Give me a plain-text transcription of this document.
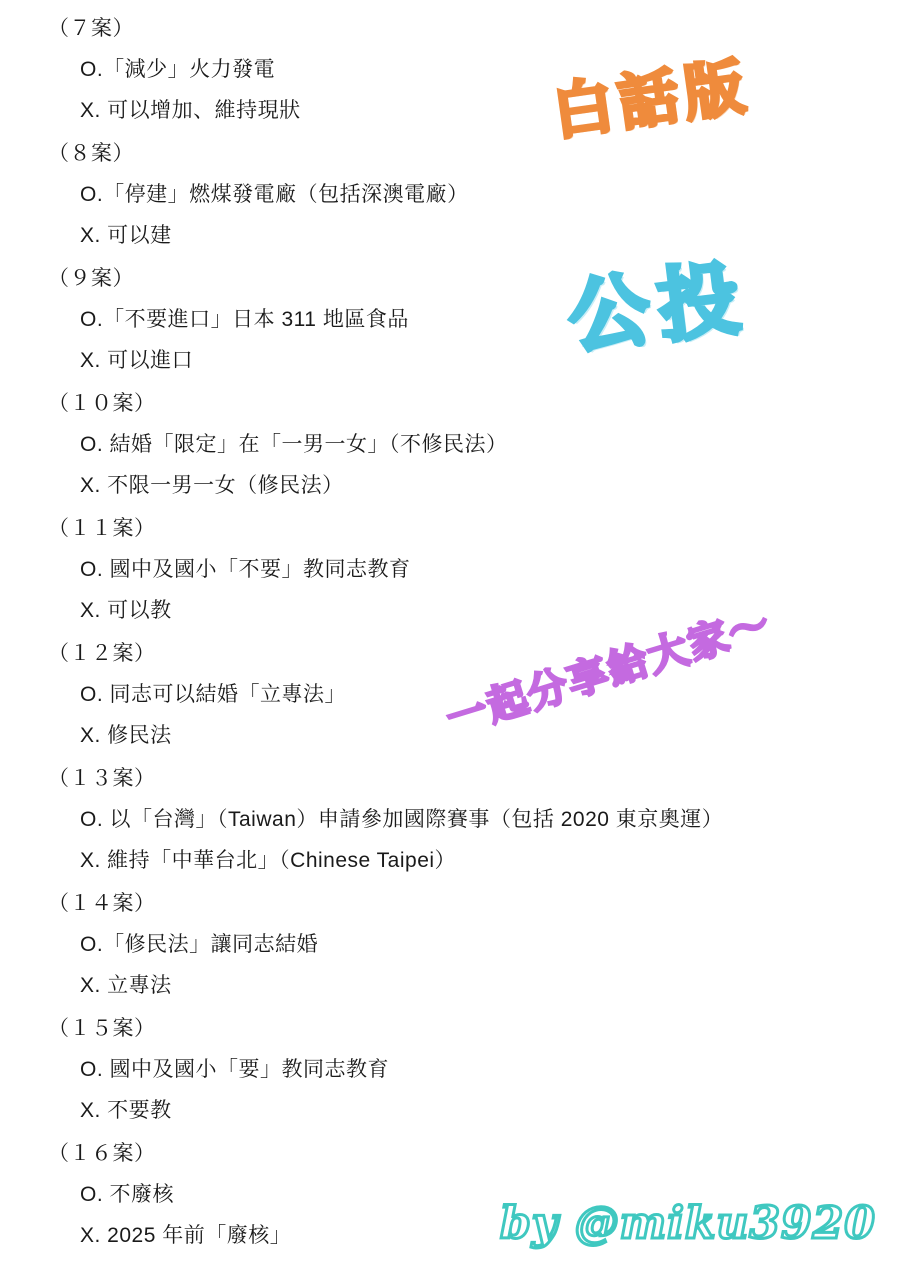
（７案）
O.「減少」火力發電
X. 可以增加、維持現狀
（８案）
O.「停建」燃煤發電廠（包括深澳電廠）
X. 可以建
（９案）
O.「不要進口」日本 311 地區食品
X. 可以進口
（１０案）
O. 結婚「限定」在「一男一女」（不修民法）
X. 不限一男一女（修民法）
（１１案）
O. 國中及國小「不要」教同志教育
X. 可以教
（１２案）
O. 同志可以結婚「立專法」
X. 修民法
（１３案）
O. 以「台灣」（Taiwan）申請參加國際賽事（包括 2020 東京奧運）
X. 維持「中華台北」（Chinese Taipei）
（１４案）
O.「修民法」讓同志結婚
X. 立專法
（１５案）
O. 國中及國小「要」教同志教育
X. 不要教
（１６案）
O. 不廢核
X. 2025 年前「廢核」
白話版
公投
一起分享給大家～
by @miku3920
